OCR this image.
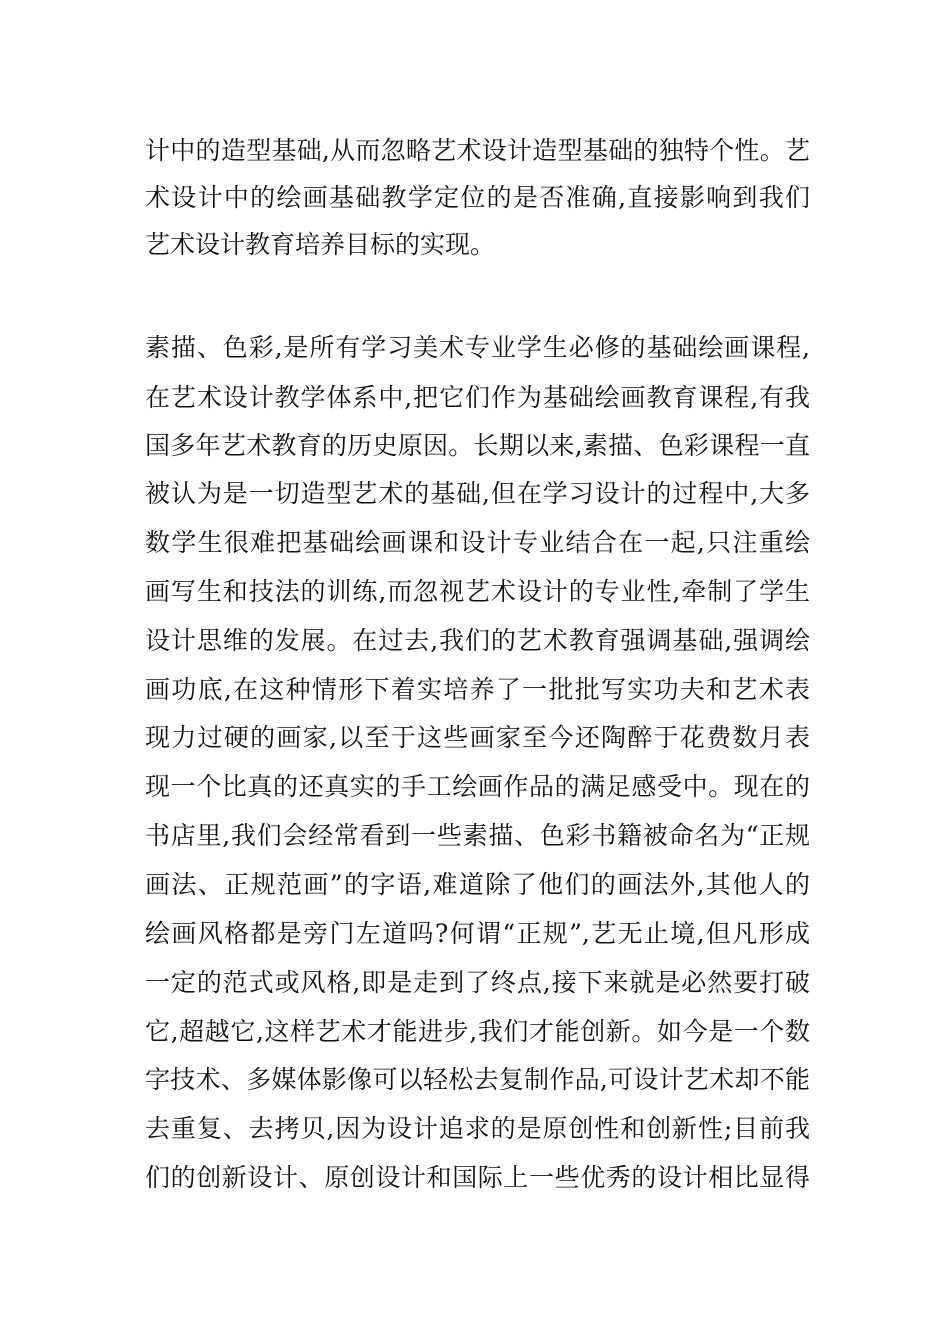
计中的造型基础,从而忽略艺术设计造型基础的独特个性。艺
术设计中的绘画基础教学定位的是否准确,直接影响到我们
艺术设计教育培养目标的实现。
素描、色彩,是所有学习美术专业学生必修的基础绘画课程,
在艺术设计教学体系中,把它们作为基础绘画教育课程,有我
国多年艺术教育的历史原因。长期以来,素描、色彩课程一直
被认为是一切造型艺术的基础,但在学习设计的过程中,大多
数学生很难把基础绘画课和设计专业结合在一起,只注重绘
画写生和技法的训练,而忽视艺术设计的专业性,牵制了学生
设计思维的发展。在过去,我们的艺术教育强调基础,强调绘
画功底,在这种情形下着实培养了一批批写实功夫和艺术表
现力过硬的画家,以至于这些画家至今还陶醉于花费数月表
现一个比真的还真实的手工绘画作品的满足感受中。现在的
书店里,我们会经常看到一些素描、色彩书籍被命名为“正规
画法、正规范画”的字语,难道除了他们的画法外,其他人的
绘画风格都是旁门左道吗?何谓“正规”,艺无止境,但凡形成
一定的范式或风格,即是走到了终点,接下来就是必然要打破
它,超越它,这样艺术才能进步,我们才能创新。如今是一个数
字技术、多媒体影像可以轻松去复制作品,可设计艺术却不能
去重复、去拷贝,因为设计追求的是原创性和创新性;目前我
们的创新设计、原创设计和国际上一些优秀的设计相比显得
